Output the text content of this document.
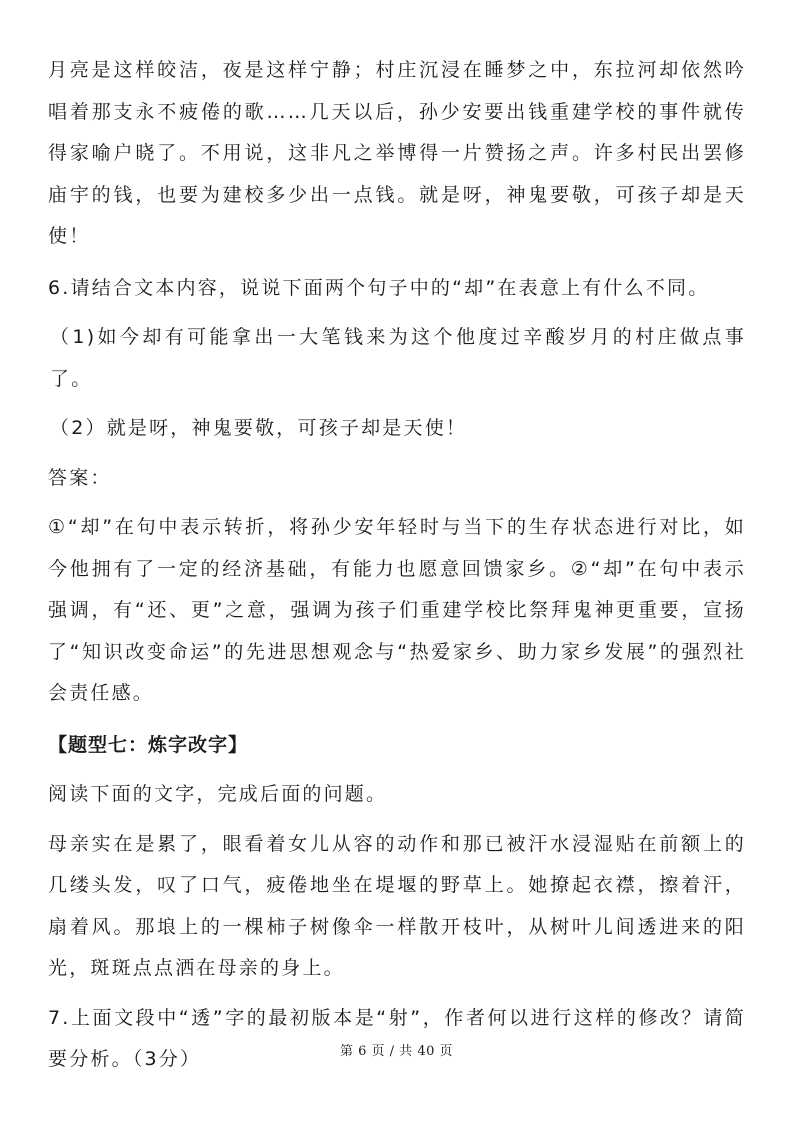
月亮是这样皎洁，夜是这样宁静；村庄沉浸在睡梦之中，东拉河却依然吟唱着那支永不疲倦的歌……几天以后，孙少安要出钱重建学校的事件就传得家喻户晓了。不用说，这非凡之举博得一片赞扬之声。许多村民出罢修庙宇的钱，也要为建校多少出一点钱。就是呀，神鬼要敬，可孩子却是天使！

6.请结合文本内容，说说下面两个句子中的“却”在表意上有什么不同。

（1)如今却有可能拿出一大笔钱来为这个他度过辛酸岁月的村庄做点事了。

（2）就是呀，神鬼要敬，可孩子却是天使！

答案：

①“却”在句中表示转折，将孙少安年轻时与当下的生存状态进行对比，如今他拥有了一定的经济基础，有能力也愿意回馈家乡。②“却”在句中表示强调，有“还、更”之意，强调为孩子们重建学校比祭拜鬼神更重要，宣扬了“知识改变命运”的先进思想观念与“热爱家乡、助力家乡发展”的强烈社会责任感。

【题型七：炼字改字】

阅读下面的文字，完成后面的问题。

母亲实在是累了，眼看着女儿从容的动作和那已被汗水浸湿贴在前额上的几缕头发，叹了口气，疲倦地坐在堤堰的野草上。她撩起衣襟，擦着汗，扇着风。那埌上的一棵柿子树像伞一样散开枝叶，从树叶儿间透进来的阳光，斑斑点点洒在母亲的身上。

7.上面文段中“透”字的最初版本是“射”，作者何以进行这样的修改？请简要分析。（3分）	第 6 页 / 共 40 页
